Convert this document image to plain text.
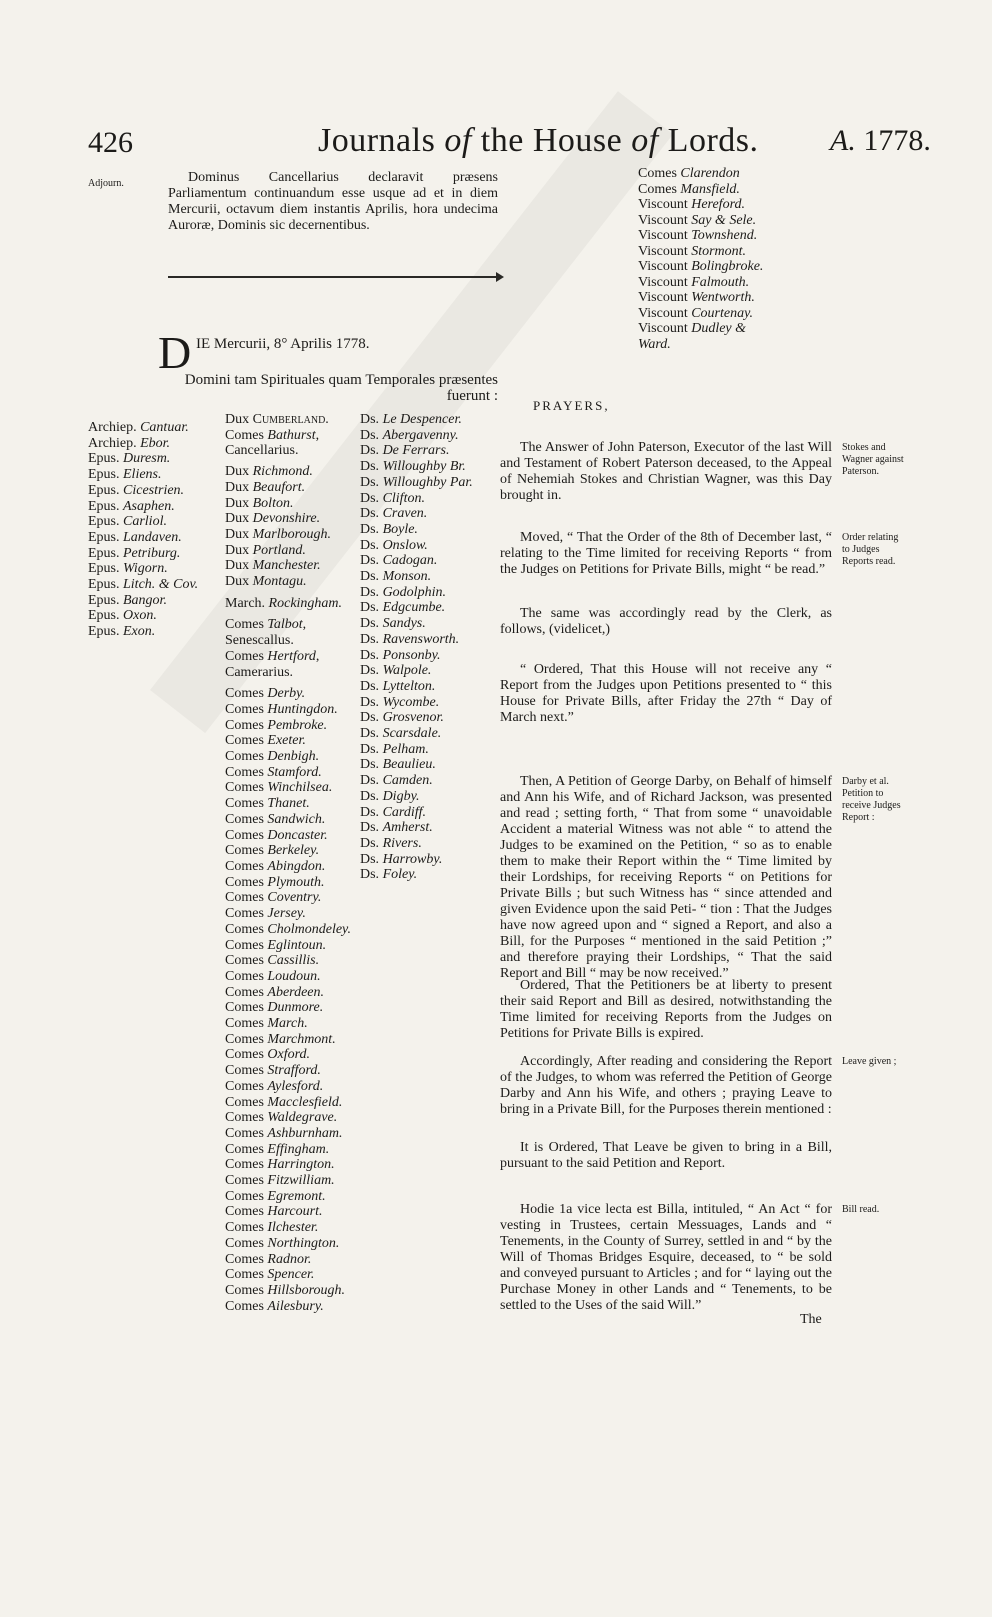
426	Journals of the House of Lords. A. 1778.
Adjourn.	Dominus Cancellarius declaravit præsens Parliamentum continuandum esse usque ad et in diem Mercurii, octavum diem instantis Aprilis, hora undecima Auroræ, Dominis sic decernentibus.
D IE Mercurii, 8° Aprilis 1778.
Domini tam Spirituales quam Temporales præsentes fuerunt :
Archiep. Cantuar.
Archiep. Ebor.
Epus. Duresm.
Epus. Eliens.
Epus. Cicestrien.
Epus. Asaphen.
Epus. Carliol.
Epus. Landaven.
Epus. Petriburg.
Epus. Wigorn.
Epus. Litch. & Cov.
Epus. Bangor.
Epus. Oxon.
Epus. Exon.
Dux Cumberland.
Comes Bathurst, Cancellarius.
Dux Richmond.
Dux Beaufort.
Dux Bolton.
Dux Devonshire.
Dux Marlborough.
Dux Portland.
Dux Manchester.
Dux Montagu.
March. Rockingham.
Comes Talbot, Senescallus.
Comes Hertford, Camerarius.
Comes Derby.
Comes Huntingdon.
Comes Pembroke.
Comes Exeter.
Comes Denbigh.
Comes Stamford.
Comes Winchilsea.
Comes Thanet.
Comes Sandwich.
Comes Doncaster.
Comes Berkeley.
Comes Abingdon.
Comes Plymouth.
Comes Coventry.
Comes Jersey.
Comes Cholmondeley.
Comes Eglintoun.
Comes Cassillis.
Comes Loudoun.
Comes Aberdeen.
Comes Dunmore.
Comes March.
Comes Marchmont.
Comes Oxford.
Comes Strafford.
Comes Aylesford.
Comes Macclesfield.
Comes Waldegrave.
Comes Ashburnham.
Comes Effingham.
Comes Harrington.
Comes Fitzwilliam.
Comes Egremont.
Comes Harcourt.
Comes Ilchester.
Comes Northington.
Comes Radnor.
Comes Spencer.
Comes Hillsborough.
Comes Ailesbury.
Ds. Le Despencer.
Ds. Abergavenny.
Ds. De Ferrars.
Ds. Willoughby Br.
Ds. Willoughby Par.
Ds. Clifton.
Ds. Craven.
Ds. Boyle.
Ds. Onslow.
Ds. Cadogan.
Ds. Monson.
Ds. Godolphin.
Ds. Edgcumbe.
Ds. Sandys.
Ds. Ravensworth.
Ds. Ponsonby.
Ds. Walpole.
Ds. Lyttelton.
Ds. Wycombe.
Ds. Grosvenor.
Ds. Scarsdale.
Ds. Pelham.
Ds. Beaulieu.
Ds. Camden.
Ds. Digby.
Ds. Cardiff.
Ds. Amherst.
Ds. Rivers.
Ds. Harrowby.
Ds. Foley.
Comes Clarendon
Comes Mansfield.
Viscount Hereford.
Viscount Say & Sele.
Viscount Townshend.
Viscount Stormont.
Viscount Bolingbroke.
Viscount Falmouth.
Viscount Wentworth.
Viscount Courtenay.
Viscount Dudley &
Ward.
PRAYERS,
The Answer of John Paterson, Executor of the last Will and Testament of Robert Paterson deceased, to the Appeal of Nehemiah Stokes and Christian Wagner, was this Day brought in.
Moved, “ That the Order of the 8th of December last, “ relating to the Time limited for receiving Reports “ from the Judges on Petitions for Private Bills, might “ be read.”
The same was accordingly read by the Clerk, as follows, (videlicet,)
“ Ordered, That this House will not receive any “ Report from the Judges upon Petitions presented to “ this House for Private Bills, after Friday the 27th “ Day of March next.”
Then, A Petition of George Darby, on Behalf of himself and Ann his Wife, and of Richard Jackson, was presented and read ; setting forth, “ That from some “ unavoidable Accident a material Witness was not able “ to attend the Judges to be examined on the Petition, “ so as to enable them to make their Report within the “ Time limited by their Lordships, for receiving Reports “ on Petitions for Private Bills ; but such Witness has “ since attended and given Evidence upon the said Peti- “ tion : That the Judges have now agreed upon and “ signed a Report, and also a Bill, for the Purposes “ mentioned in the said Petition ;” and therefore praying their Lordships, “ That the said Report and Bill “ may be now received.”
Ordered, That the Petitioners be at liberty to present their said Report and Bill as desired, notwithstanding the Time limited for receiving Reports from the Judges on Petitions for Private Bills is expired.
Accordingly, After reading and considering the Report of the Judges, to whom was referred the Petition of George Darby and Ann his Wife, and others ; praying Leave to bring in a Private Bill, for the Purposes therein mentioned :
It is Ordered, That Leave be given to bring in a Bill, pursuant to the said Petition and Report.
Hodie 1a vice lecta est Billa, intituled, “ An Act “ for vesting in Trustees, certain Messuages, Lands and “ Tenements, in the County of Surrey, settled in and “ by the Will of Thomas Bridges Esquire, deceased, to “ be sold and conveyed pursuant to Articles ; and for “ laying out the Purchase Money in other Lands and “ Tenements, to be settled to the Uses of the said Will.”
The
Stokes and Wagner against Paterson.
Order relating to Judges Reports read.
Darby et al. Petition to receive Judges Report :
Leave given ;
Bill read.
